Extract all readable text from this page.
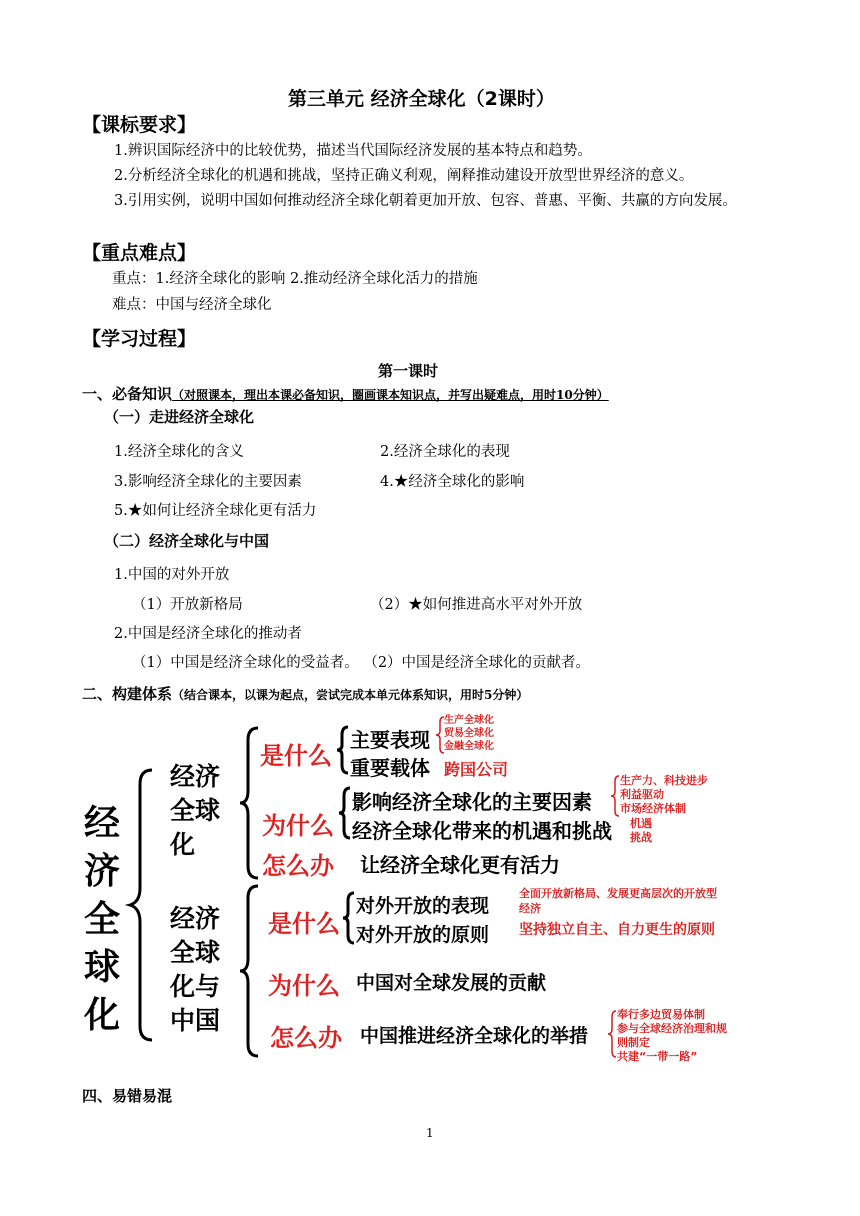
第三单元 经济全球化（2课时）
【课标要求】
1.辨识国际经济中的比较优势，描述当代国际经济发展的基本特点和趋势。
2.分析经济全球化的机遇和挑战，坚持正确义利观，阐释推动建设开放型世界经济的意义。
3.引用实例，说明中国如何推动经济全球化朝着更加开放、包容、普惠、平衡、共赢的方向发展。
【重点难点】
重点：1.经济全球化的影响 2.推动经济全球化活力的措施
难点：中国与经济全球化
【学习过程】
第一课时
一、必备知识（对照课本，理出本课必备知识，圈画课本知识点，并写出疑难点，用时10分钟）
（一）走进经济全球化
1.经济全球化的含义	2.经济全球化的表现
3.影响经济全球化的主要因素	4.★经济全球化的影响
5.★如何让经济全球化更有活力
（二）经济全球化与中国
1.中国的对外开放
（1）开放新格局	（2）★如何推进高水平对外开放
2.中国是经济全球化的推动者
（1）中国是经济全球化的受益者。 （2）中国是经济全球化的贡献者。
二、构建体系（结合课本，以课为起点，尝试完成本单元体系知识，用时5分钟）
经
济
全
球
化
经济
全球
化
是什么
主要表现
重要载体
生产全球化
贸易全球化
金融全球化
跨国公司
为什么
影响经济全球化的主要因素
经济全球化带来的机遇和挑战
生产力、科技进步
利益驱动
市场经济体制
机遇
挑战
怎么办 让经济全球化更有活力
经济
全球
化与
中国
是什么
对外开放的表现
对外开放的原则
全面开放新格局、发展更高层次的开放型
经济
坚持独立自主、自力更生的原则
为什么 中国对全球发展的贡献
怎么办 中国推进经济全球化的举措
奉行多边贸易体制
参与全球经济治理和规
则制定
共建“一带一路”
四、易错易混
1
